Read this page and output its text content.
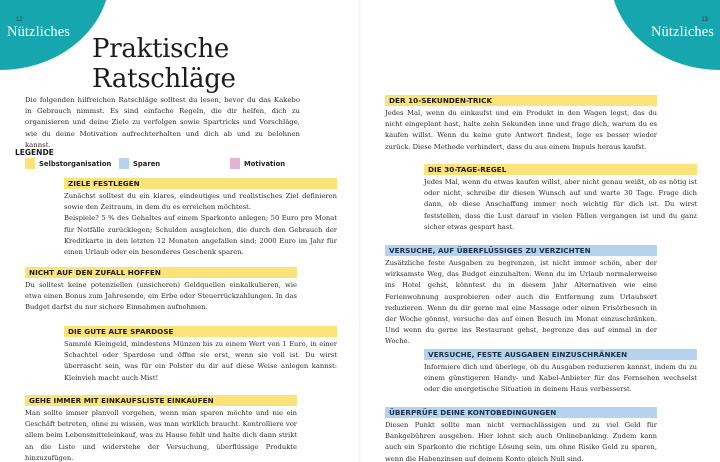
12
Nützliches
Praktische Ratschläge
Die folgenden hilfreichen Ratschläge solltest du lesen, bevor du das Kakebo in Gebrauch nimmst. Es sind einfache Regeln, die dir helfen, dich zu organisieren und deine Ziele zu verfolgen sowie Spartricks und Vorschläge, wie du deine Motivation aufrechterhalten und dich ab und zu belohnen kannst.
LEGENDE
Selbstorganisation	Sparen	Motivation
ZIELE FESTLEGEN

Zunächst solltest du ein klares, eindeutiges und realistisches Ziel definieren sowie den Zeitraum, in dem du es erreichen möchtest.

Beispiele? 5 % des Gehaltes auf einem Sparkonto anlegen; 50 Euro pro Monat für Notfälle zurücklegen; Schulden ausgleichen, die durch den Gebrauch der Kreditkarte in den letzten 12 Monaten angefallen sind; 2000 Euro im Jahr für einen Urlaub oder ein besonderes Geschenk sparen.

NICHT AUF DEN ZUFALL HOFFEN

Du solltest keine potenziellen (unsicheren) Geldquellen einkalkulieren, wie etwa einen Bonus zum Jahresende, ein Erbe oder Steuerrückzahlungen. In das Budget darfst du nur sichere Einnahmen aufnehmen.

DIE GUTE ALTE SPARDOSE

Sammle Kleingeld, mindestens Münzen bis zu einem Wert von 1 Euro, in einer Schachtel oder Spardose und öffne sie erst, wenn sie voll ist. Du wirst überrascht sein, was für ein Polster du dir auf diese Weise anlegen kannst: Kleinvieh macht auch Mist!

GEHE IMMER MIT EINKAUFSLISTE EINKAUFEN

Man sollte immer planvoll vorgehen, wenn man sparen möchte und nie ein Geschäft betreten, ohne zu wissen, was man wirklich braucht. Kontrolliere vor allem beim Lebensmitteleinkauf, was zu Hause fehlt und halte dich dann strikt an die Liste und widerstehe der Versuchung, überflüssige Produkte hinzuzufügen.

13
Nützliches
DER 10-SEKUNDEN-TRICK

Jedes Mal, wenn du einkaufst und ein Produkt in den Wagen legst, das du nicht eingeplant hast, halte zehn Sekunden inne und frage dich, warum du es kaufen willst. Wenn du keine gute Antwort findest, lege es besser wieder zurück. Diese Methode verhindert, dass du aus einem Impuls heraus kaufst.

DIE 30-TAGE-REGEL

Jedes Mal, wenn du etwas kaufen willst, aber nicht genau weißt, ob es nötig ist oder nicht, schreibe dir diesen Wunsch auf und warte 30 Tage. Frage dich dann, ob diese Anschaffung immer noch wichtig für dich ist. Du wirst feststellen, dass die Lust darauf in vielen Fällen vergangen ist und du ganz sicher etwas gespart hast.

VERSUCHE, AUF ÜBERFLÜSSIGES ZU VERZICHTEN

Zusätzliche feste Ausgaben zu begrenzen, ist nicht immer schön, aber der wirksamste Weg, das Budget einzuhalten. Wenn du im Urlaub normalerweise ins Hotel gehst, könntest du in diesem Jahr Alternativen wie eine Ferienwohnung ausprobieren oder auch die Entfernung zum Urlaubsort reduzieren. Wenn du dir gerne mal eine Massage oder einen Frisörbesuch in der Woche gönnst, versuche das auf einen Besuch im Monat einzuschränken. Und wenn du gerne ins Restaurant gehst, begrenze das auf einmal in der Woche.

VERSUCHE, FESTE AUSGABEN EINZUSCHRÄNKEN

Informiere dich und überlege, ob du Ausgaben reduzieren kannst, indem du zu einem günstigeren Handy- und Kabel-Anbieter für das Fernsehen wechselst oder die energetische Situation in deinem Haus verbesserst.

ÜBERPRÜFE DEINE KONTOBEDINGUNGEN

Diesen Punkt sollte man nicht vernachlässigen und zu viel Geld für Bankgebühren ausgeben. Hier lohnt sich auch Onlinebanking. Zudem kann auch ein Sparkonto die richtige Lösung sein, um ohne Risiko Geld zu sparen, wenn die Habenzinsen auf deinem Konto gleich Null sind.
